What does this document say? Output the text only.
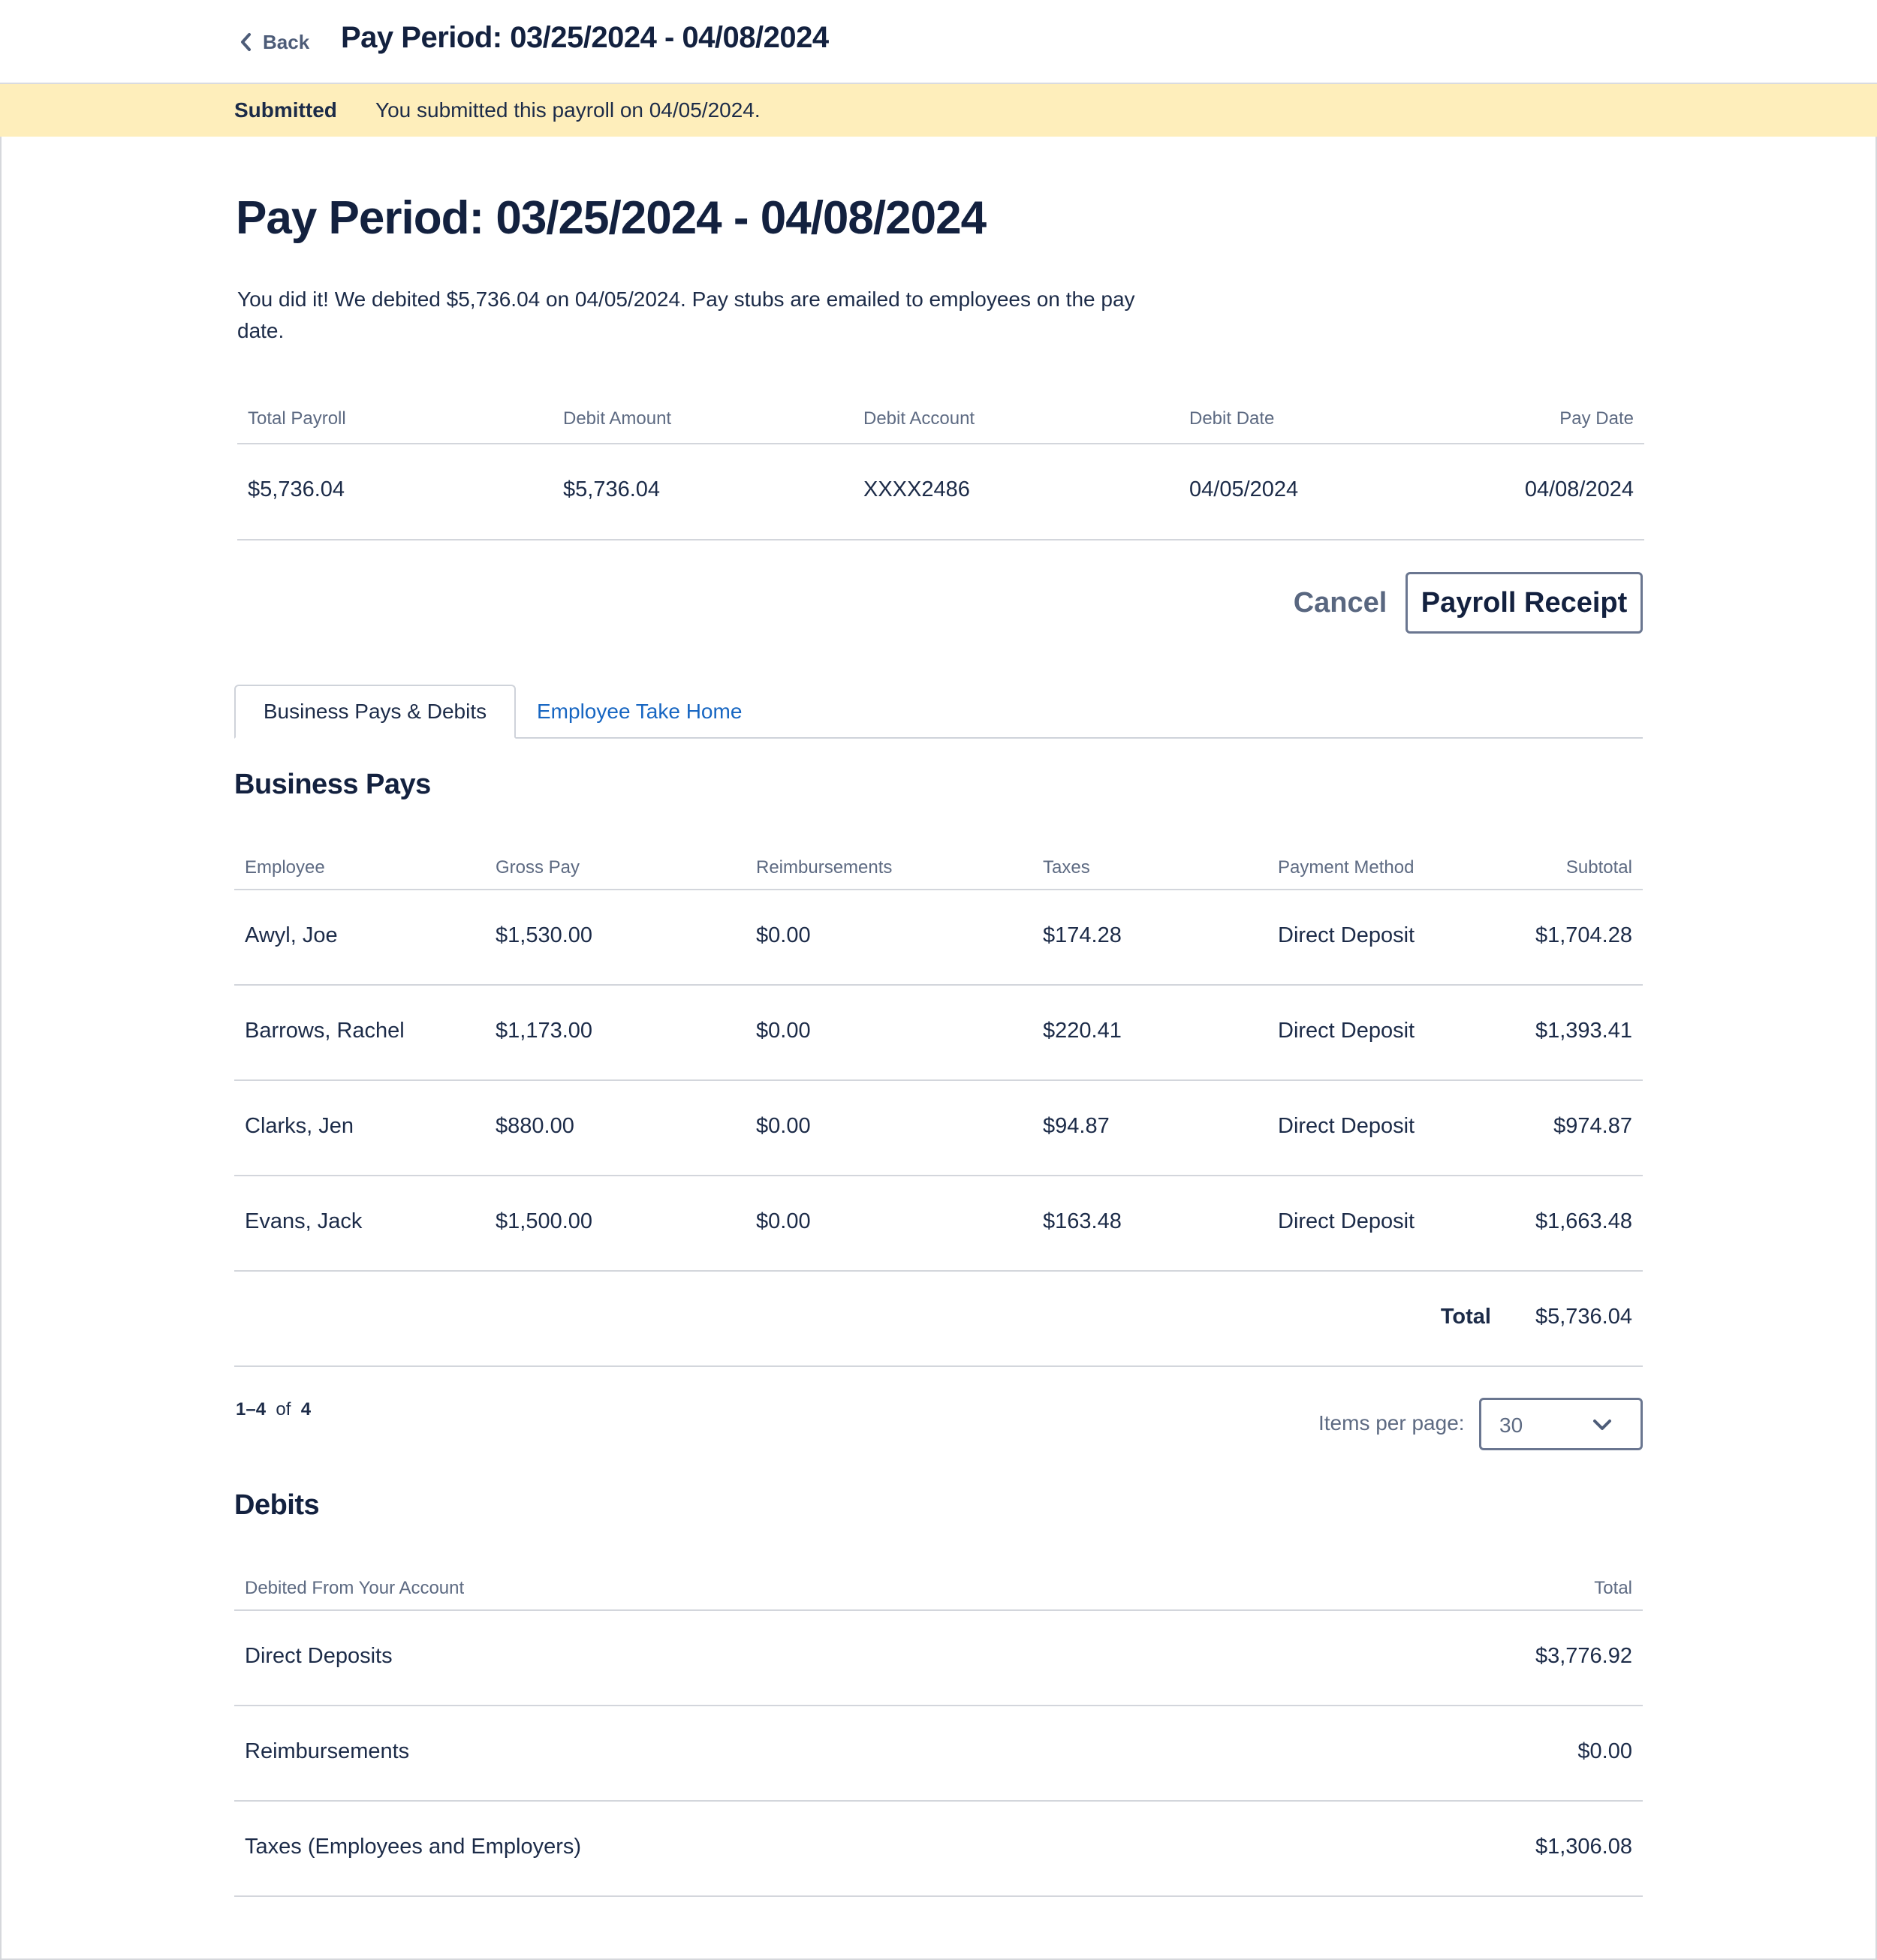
Back Pay Period: 03/25/2024 - 04/08/2024
Submitted You submitted this payroll on 04/05/2024.
Pay Period: 03/25/2024 - 04/08/2024
You did it! We debited $5,736.04 on 04/05/2024. Pay stubs are emailed to employees on the pay date.
Total Payroll	Debit Amount	Debit Account	Debit Date	Pay Date
$5,736.04	$5,736.04	XXXX2486	04/05/2024	04/08/2024
Cancel	Payroll Receipt
Business Pays & Debits	Employee Take Home
Business Pays
Employee	Gross Pay	Reimbursements	Taxes	Payment Method	Subtotal
Awyl, Joe	$1,530.00	$0.00	$174.28	Direct Deposit	$1,704.28
Barrows, Rachel	$1,173.00	$0.00	$220.41	Direct Deposit	$1,393.41
Clarks, Jen	$880.00	$0.00	$94.87	Direct Deposit	$974.87
Evans, Jack	$1,500.00	$0.00	$163.48	Direct Deposit	$1,663.48
Total $5,736.04
1–4 of 4
Items per page: 30
Debits
Debited From Your Account	Total
Direct Deposits	$3,776.92
Reimbursements	$0.00
Taxes (Employees and Employers)	$1,306.08
